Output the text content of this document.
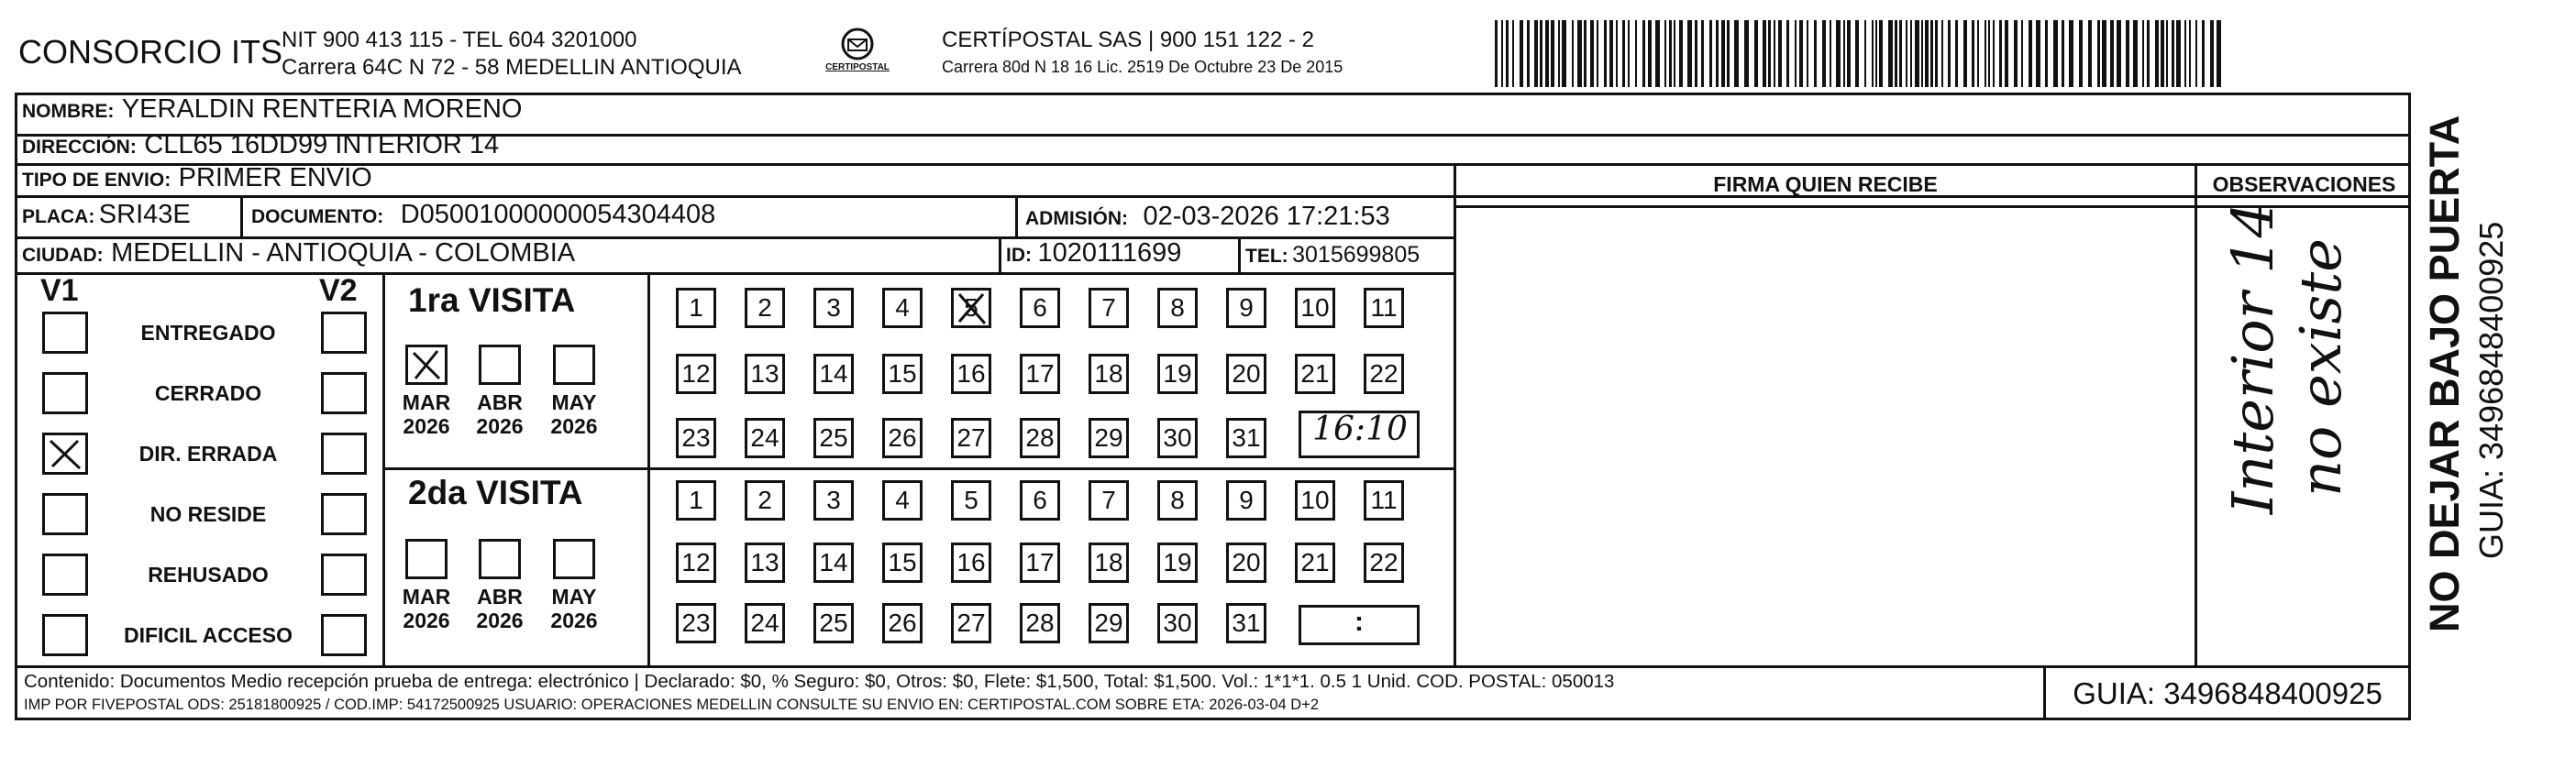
CONSORCIO ITS
NIT 900 413 115 - TEL 604 3201000
Carrera 64C N 72 - 58 MEDELLIN ANTIOQUIA	CERTIPOSTAL
CERTÍPOSTAL SAS | 900 151 122 - 2
Carrera 80d N 18 16 Lic. 2519 De Octubre 23 De 2015
NOMBRE: YERALDIN RENTERIA MORENO
DIRECCIÓN: CLL65 16DD99 INTERIOR 14
TIPO DE ENVIO: PRIMER ENVIO
PLACA: SRI43E	DOCUMENTO: D05001000000054304408	ADMISIÓN: 02-03-2026 17:21:53
CIUDAD: MEDELLIN - ANTIOQUIA - COLOMBIA	ID: 1020111699	TEL: 3015699805
FIRMA QUIEN RECIBE	OBSERVACIONES
V1	V2
ENTREGADO
CERRADO
DIR. ERRADA
NO RESIDE
REHUSADO
DIFICIL ACCESO
1ra VISITA
2da VISITA
MAR
2026
ABR
2026
MAY
2026
MAR
2026
ABR
2026
MAY
2026
1 2 3 4 5 6 7 8 9 10 11
12 13 14 15 16 17 18 19 20 21 22
23 24 25 26 27 28 29 30 31
1 2 3 4 5 6 7 8 9 10 11
12 13 14 15 16 17 18 19 20 21 22
23 24 25 26 27 28 29 30 31
16:10
:
Interior 14 no existe
Contenido: Documentos Medio recepción prueba de entrega: electrónico | Declarado: $0, % Seguro: $0, Otros: $0, Flete: $1,500, Total: $1,500. Vol.: 1*1*1. 0.5 1 Unid. COD. POSTAL: 050013
IMP POR FIVEPOSTAL ODS: 25181800925 / COD.IMP: 54172500925 USUARIO: OPERACIONES MEDELLIN CONSULTE SU ENVIO EN: CERTIPOSTAL.COM SOBRE ETA: 2026-03-04 D+2	GUIA: 3496848400925
NO DEJAR BAJO PUERTA GUIA: 3496848400925
